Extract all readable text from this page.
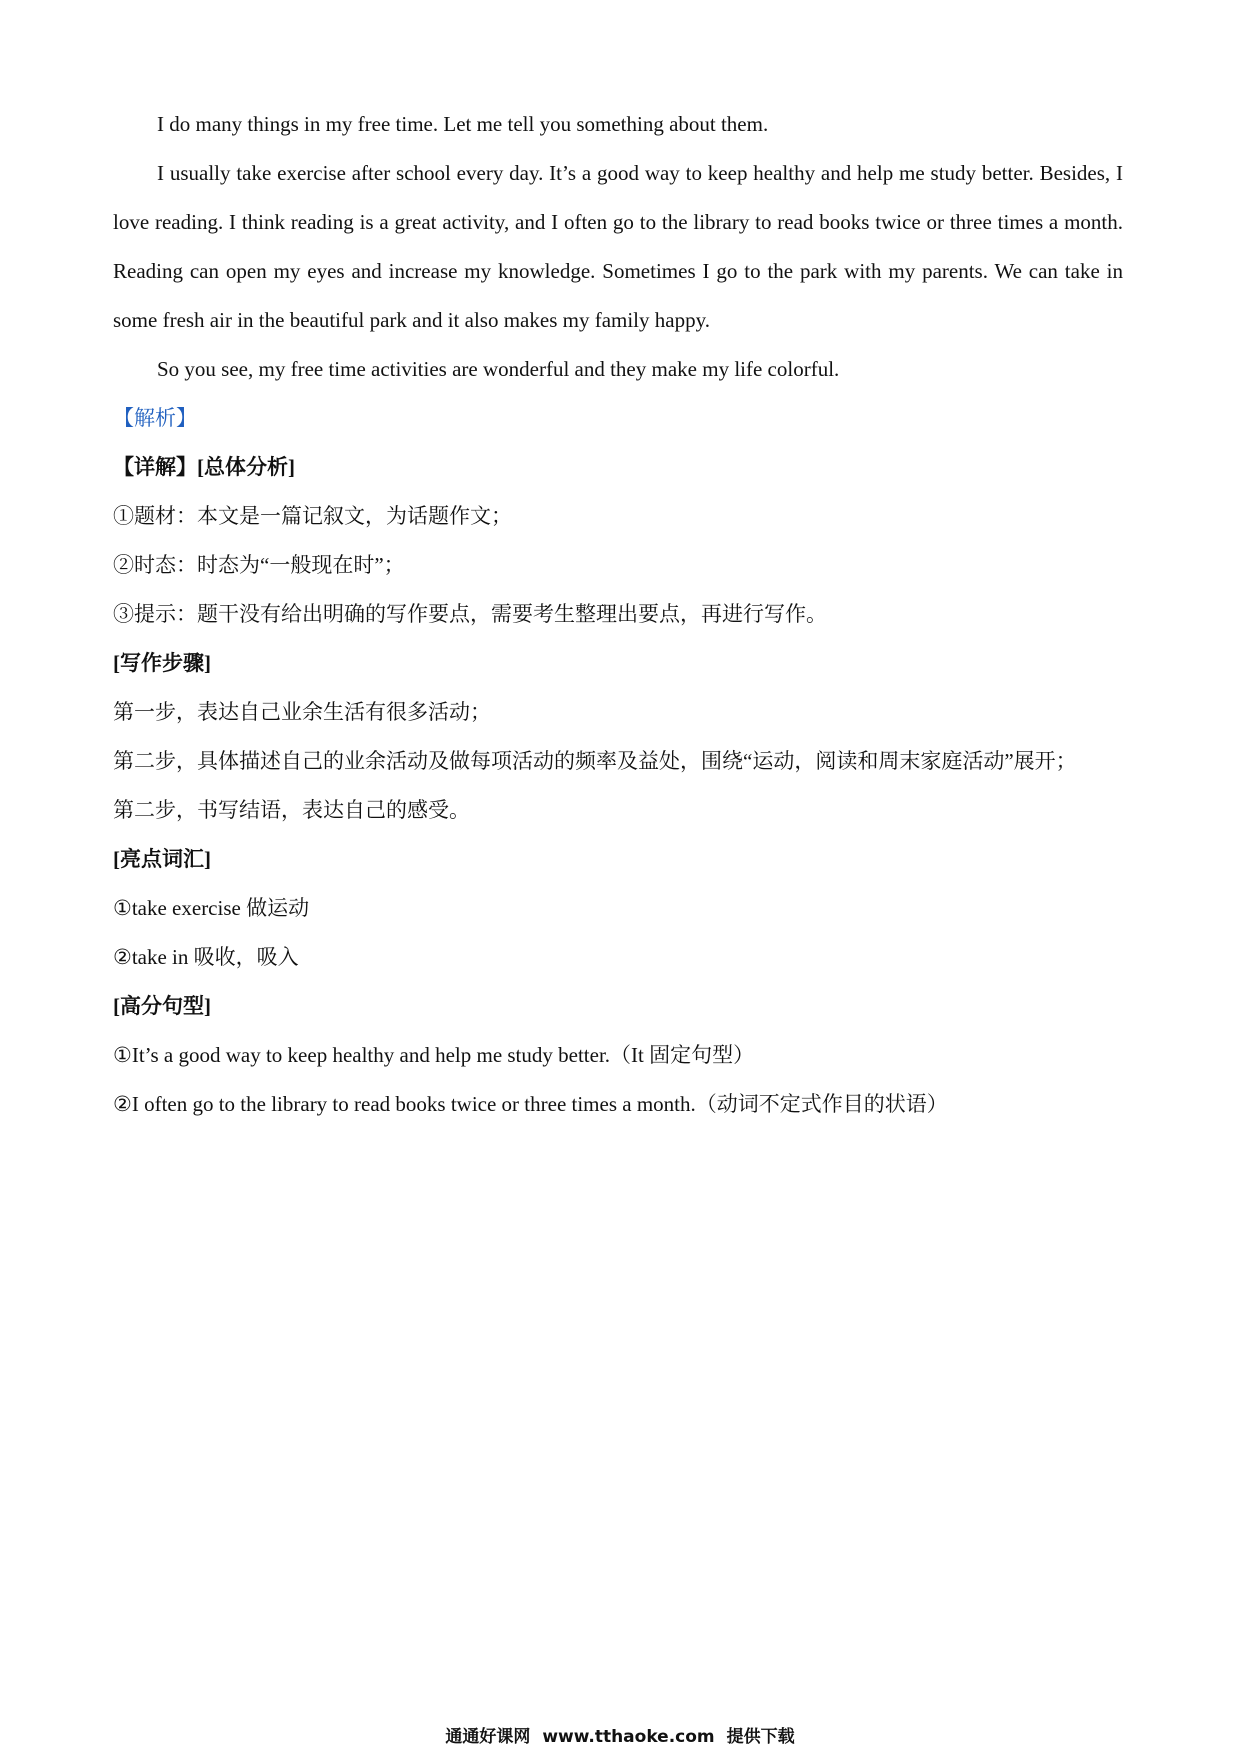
I do many things in my free time. Let me tell you something about them.
I usually take exercise after school every day. It’s a good way to keep healthy and help me study better. Besides, I love reading. I think reading is a great activity, and I often go to the library to read books twice or three times a month. Reading can open my eyes and increase my knowledge. Sometimes I go to the park with my parents. We can take in some fresh air in the beautiful park and it also makes my family happy.
So you see, my free time activities are wonderful and they make my life colorful.
【解析】
【详解】[总体分析]
①题材：本文是一篇记叙文，为话题作文；
②时态：时态为“一般现在时”；
③提示：题干没有给出明确的写作要点，需要考生整理出要点，再进行写作。
[写作步骤]
第一步，表达自己业余生活有很多活动；
第二步，具体描述自己的业余活动及做每项活动的频率及益处，围绕“运动，阅读和周末家庭活动”展开；
第二步，书写结语，表达自己的感受。
[亮点词汇]
①take exercise 做运动
②take in 吸收，吸入
[高分句型]
①It’s a good way to keep healthy and help me study better.（It 固定句型）
②I often go to the library to read books twice or three times a month.（动词不定式作目的状语）
通通好课网 www.tthaoke.com 提供下载
